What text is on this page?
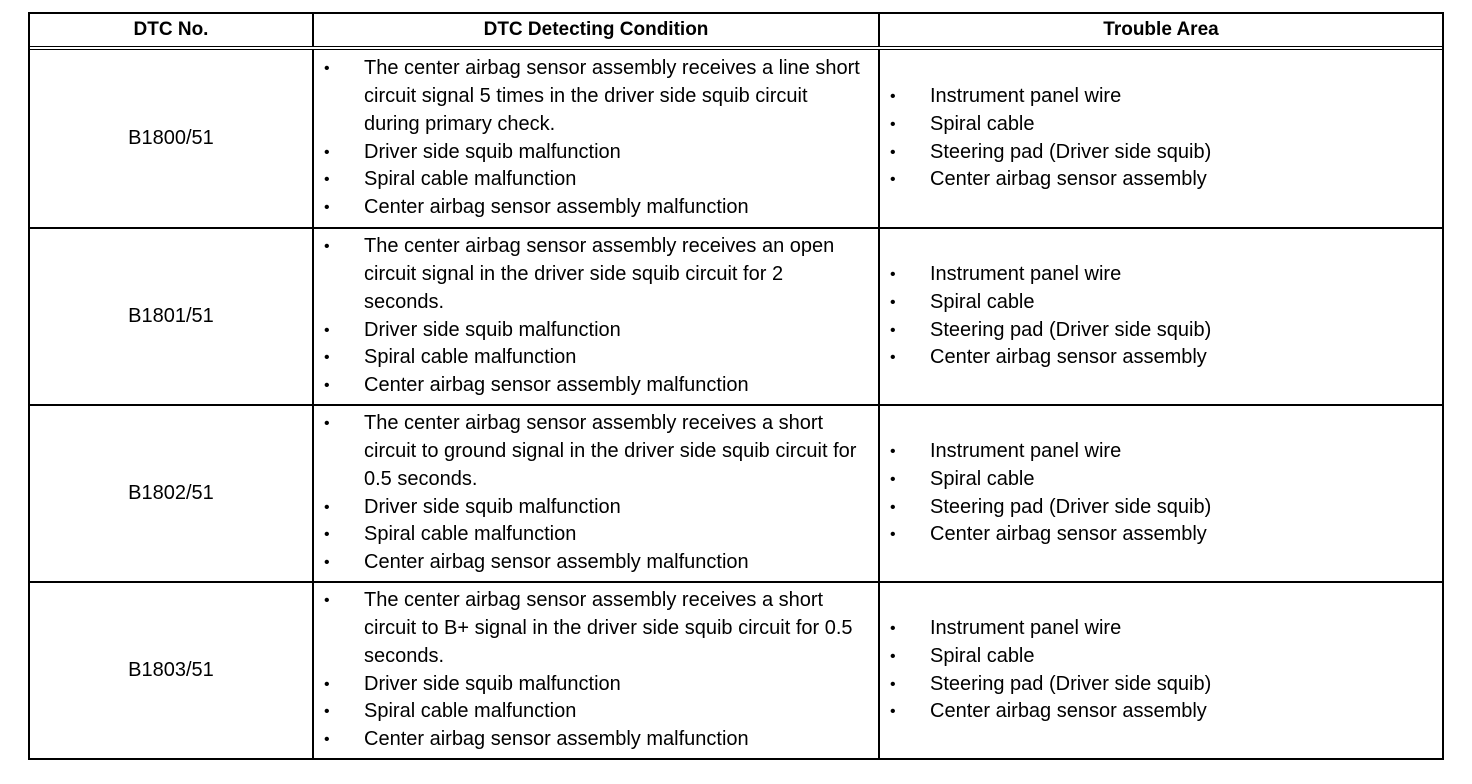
DTC No.	DTC Detecting Condition	Trouble Area
B1800/51
• The center airbag sensor assembly receives a line short circuit signal 5 times in the driver side squib circuit during primary check.
• Driver side squib malfunction
• Spiral cable malfunction
• Center airbag sensor assembly malfunction
• Instrument panel wire
• Spiral cable
• Steering pad (Driver side squib)
• Center airbag sensor assembly
B1801/51
• The center airbag sensor assembly receives an open circuit signal in the driver side squib circuit for 2 seconds.
• Driver side squib malfunction
• Spiral cable malfunction
• Center airbag sensor assembly malfunction
• Instrument panel wire
• Spiral cable
• Steering pad (Driver side squib)
• Center airbag sensor assembly
B1802/51
• The center airbag sensor assembly receives a short circuit to ground signal in the driver side squib circuit for 0.5 seconds.
• Driver side squib malfunction
• Spiral cable malfunction
• Center airbag sensor assembly malfunction
• Instrument panel wire
• Spiral cable
• Steering pad (Driver side squib)
• Center airbag sensor assembly
B1803/51
• The center airbag sensor assembly receives a short circuit to B+ signal in the driver side squib circuit for 0.5 seconds.
• Driver side squib malfunction
• Spiral cable malfunction
• Center airbag sensor assembly malfunction
• Instrument panel wire
• Spiral cable
• Steering pad (Driver side squib)
• Center airbag sensor assembly
